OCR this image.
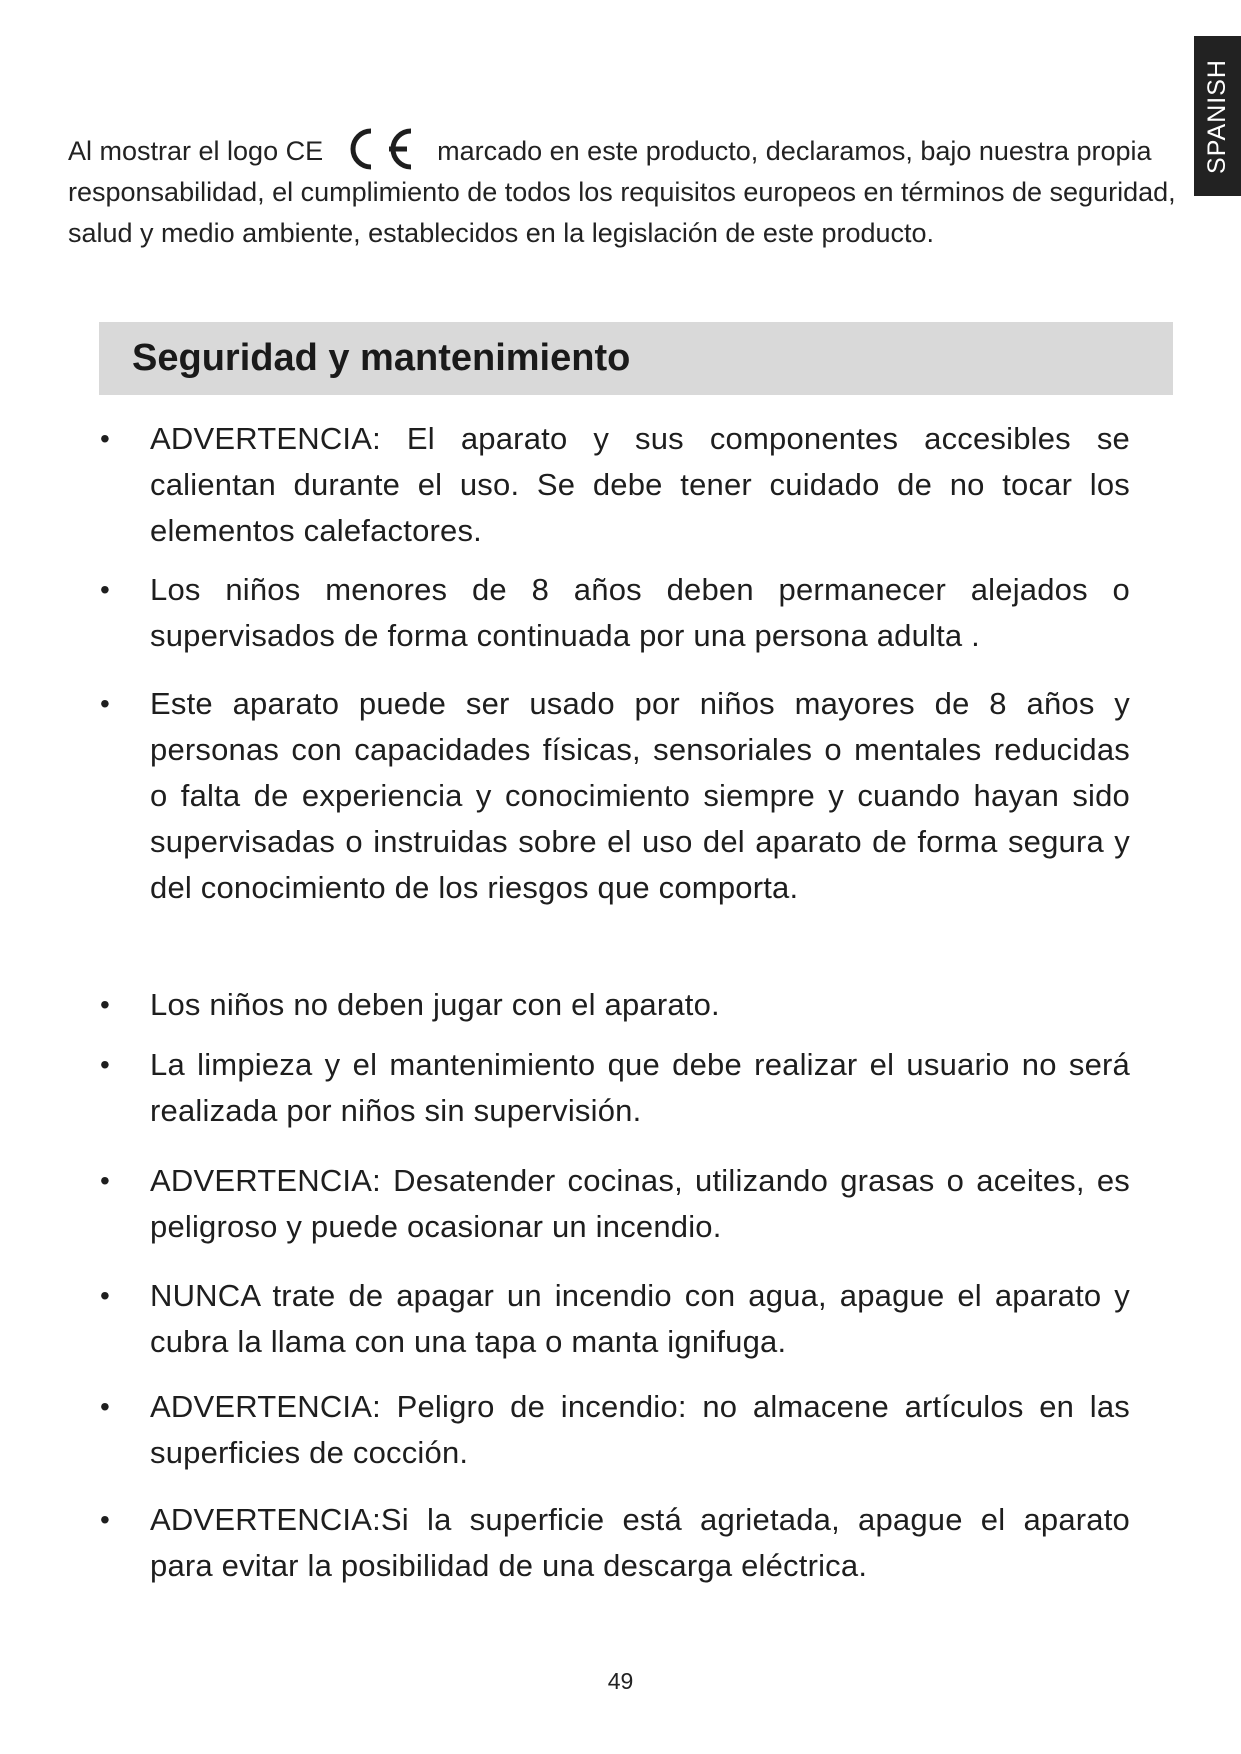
SPANISH
Al mostrar el logo CE	marcado en este producto, declaramos, bajo nuestra propia responsabilidad, el cumplimiento de todos los requisitos europeos en términos de seguridad, salud y medio ambiente, establecidos en la legislación de este producto.
Seguridad y mantenimiento
•	ADVERTENCIA: El aparato y sus componentes accesibles se calientan durante el uso. Se debe tener cuidado de no tocar los elementos calefactores.
•	Los niños menores de 8 años deben permanecer alejados o supervisados de forma continuada por una persona adulta .
•	Este aparato puede ser usado por niños mayores de 8 años y personas con capacidades físicas, sensoriales o mentales reducidas o falta de experiencia y conocimiento siempre y cuando hayan sido supervisadas o instruidas sobre el uso del aparato de forma segura y del conocimiento de los riesgos que comporta.
•	Los niños no deben jugar con el aparato.
•	La limpieza y el mantenimiento que debe realizar el usuario no será realizada por niños sin supervisión.
•	ADVERTENCIA: Desatender cocinas, utilizando grasas o aceites, es peligroso y puede ocasionar un incendio.
•	NUNCA trate de apagar un incendio con agua, apague el aparato y cubra la llama con una tapa o manta ignifuga.
•	ADVERTENCIA: Peligro de incendio: no almacene artículos en las superficies de cocción.
•	ADVERTENCIA:Si la superficie está agrietada, apague el aparato para evitar la posibilidad de una descarga eléctrica.
49
